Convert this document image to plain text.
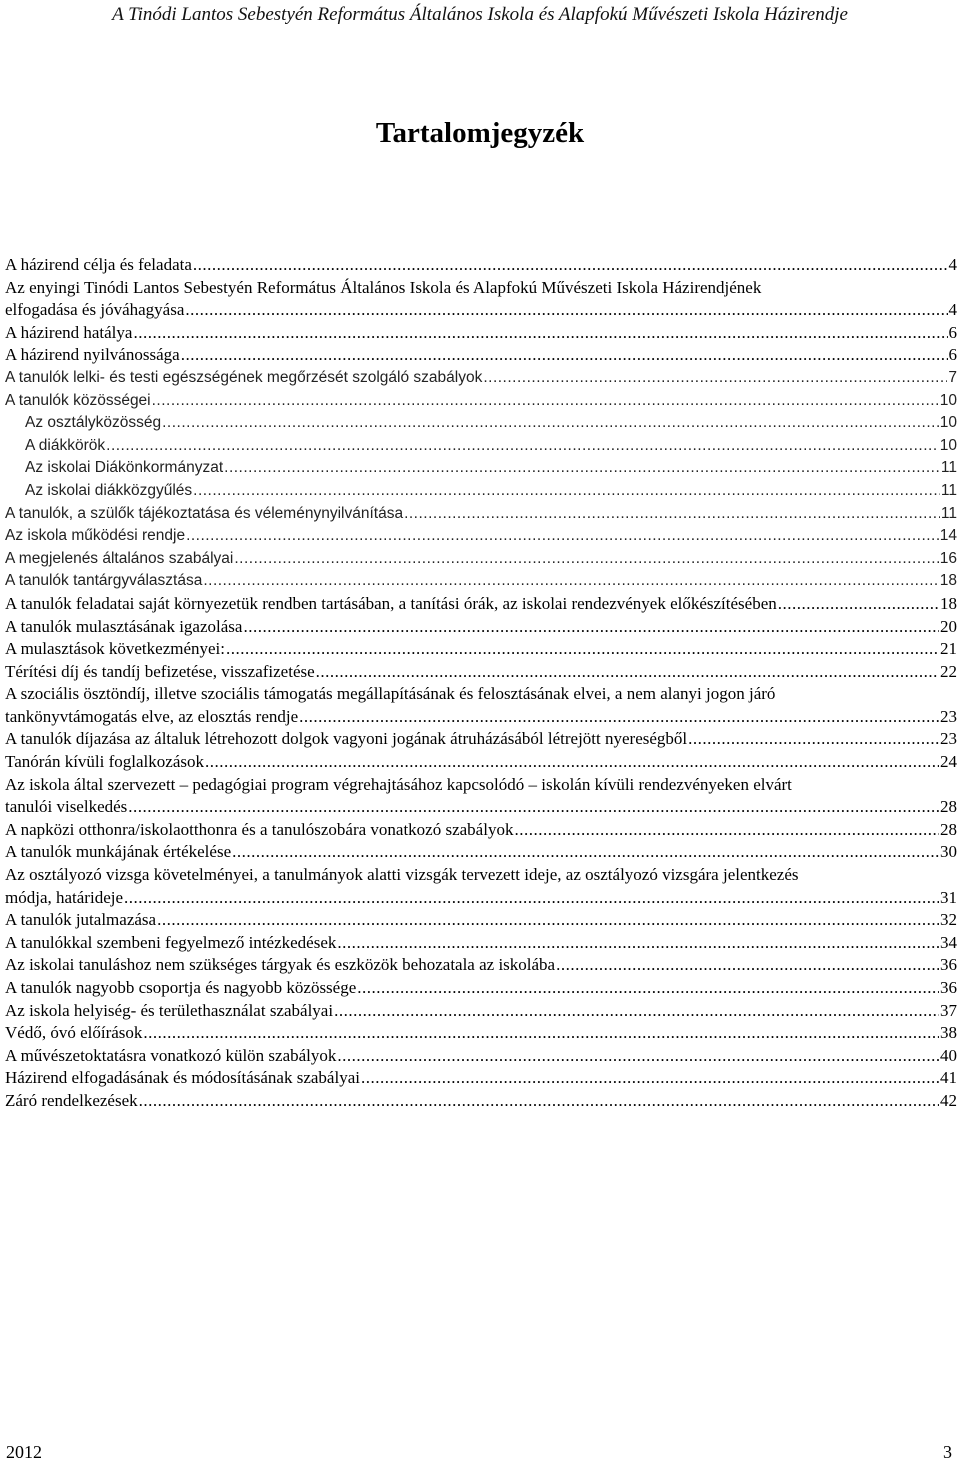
A Tinódi Lantos Sebestyén Református Általános Iskola és Alapfokú Művészeti Iskola Házirendje
Tartalomjegyzék
A házirend célja és feladata .....	4
Az enyingi Tinódi Lantos Sebestyén Református Általános Iskola és Alapfokú Művészeti Iskola Házirendjének
elfogadása és jóváhagyása .....	4
A házirend hatálya .....	6
A házirend nyilvánossága .....	6
A tanulók lelki- és testi egészségének megőrzését szolgáló szabályok .....	7
A tanulók közösségei .....	10
Az osztályközösség .....	10
A diákkörök .....	10
Az iskolai Diákönkormányzat .....	11
Az iskolai diákközgyűlés .....	11
A tanulók, a szülők tájékoztatása és véleménynyilvánítása .....	11
Az iskola működési rendje .....	14
A megjelenés általános szabályai .....	16
A tanulók tantárgyválasztása .....	18
A tanulók feladatai saját környezetük rendben tartásában, a tanítási órák, az iskolai rendezvények előkészítésében .....	18
A tanulók mulasztásának igazolása .....	20
A mulasztások következményei: .....	21
Térítési díj és tandíj befizetése, visszafizetése .....	22
A szociális ösztöndíj, illetve szociális támogatás megállapításának és felosztásának elvei, a nem alanyi jogon járó
tankönyvtámogatás elve, az elosztás rendje .....	23
A tanulók díjazása az általuk létrehozott dolgok vagyoni jogának átruházásából létrejött nyereségből .....	23
Tanórán kívüli foglalkozások .....	24
Az iskola által szervezett – pedagógiai program végrehajtásához kapcsolódó – iskolán kívüli rendezvényeken elvárt
tanulói viselkedés .....	28
A napközi otthonra/iskolaotthonra és a tanulószobára vonatkozó szabályok .....	28
A tanulók munkájának értékelése .....	30
Az osztályozó vizsga követelményei, a tanulmányok alatti vizsgák tervezett ideje, az osztályozó vizsgára jelentkezés
módja, határideje .....	31
A tanulók jutalmazása .....	32
A tanulókkal szembeni fegyelmező intézkedések .....	34
Az iskolai tanuláshoz nem szükséges tárgyak és eszközök behozatala az iskolába .....	36
A tanulók nagyobb csoportja és nagyobb közössége .....	36
Az iskola helyiség- és területhasználat szabályai .....	37
Védő, óvó előírások .....	38
A művészetoktatásra vonatkozó külön szabályok .....	40
Házirend elfogadásának és módosításának szabályai .....	41
Záró rendelkezések .....	42
2012	3
